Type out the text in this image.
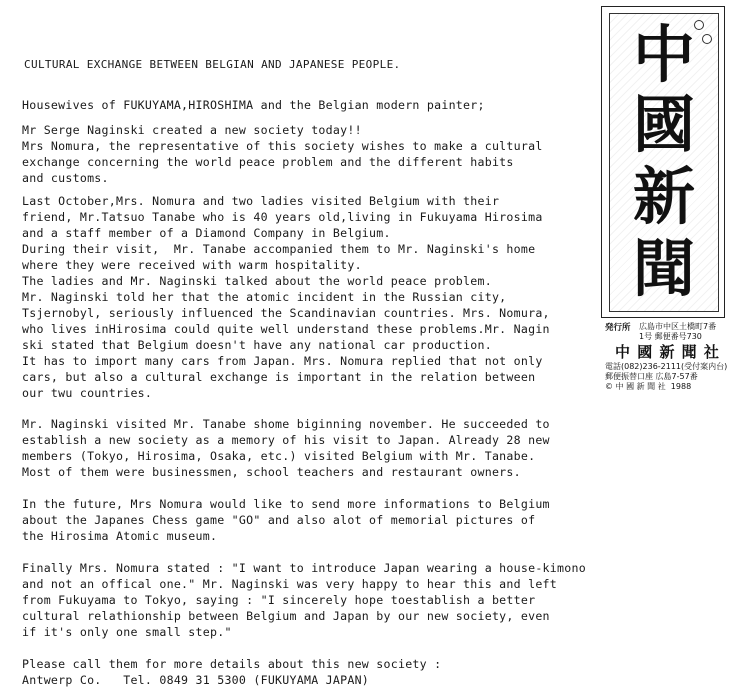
CULTURAL EXCHANGE BETWEEN BELGIAN AND JAPANESE PEOPLE.
Housewives of FUKUYAMA,HIROSHIMA and the Belgian modern painter;
Mr Serge Naginski created a new society today!!
Mrs Nomura, the representative of this society wishes to make a cultural
exchange concerning the world peace problem and the different habits
and customs.
Last October,Mrs. Nomura and two ladies visited Belgium with their
friend, Mr.Tatsuo Tanabe who is 40 years old,living in Fukuyama Hirosima
and a staff member of a Diamond Company in Belgium.
During their visit,  Mr. Tanabe accompanied them to Mr. Naginski's home
where they were received with warm hospitality.
The ladies and Mr. Naginski talked about the world peace problem.
Mr. Naginski told her that the atomic incident in the Russian city,
Tsjernobyl, seriously influenced the Scandinavian countries. Mrs. Nomura,
who lives inHirosima could quite well understand these problems.Mr. Nagin
ski stated that Belgium doesn't have any national car production.
It has to import many cars from Japan. Mrs. Nomura replied that not only
cars, but also a cultural exchange is important in the relation between
our twu countries.
Mr. Naginski visited Mr. Tanabe shome biginning november. He succeeded to
establish a new society as a memory of his visit to Japan. Already 28 new
members (Tokyo, Hirosima, Osaka, etc.) visited Belgium with Mr. Tanabe.
Most of them were businessmen, school teachers and restaurant owners.
In the future, Mrs Nomura would like to send more informations to Belgium
about the Japanes Chess game "GO" and also alot of memorial pictures of
the Hirosima Atomic museum.
Finally Mrs. Nomura stated : "I want to introduce Japan wearing a house-kimono
and not an offical one." Mr. Naginski was very happy to hear this and left
from Fukuyama to Tokyo, saying : "I sincerely hope toestablish a better
cultural relathionship between Belgium and Japan by our new society, even
if it's only one small step."
Please call them for more details about this new society :
Antwerp Co.   Tel. 0849 31 5300 (FUKUYAMA JAPAN)
中
國
新
聞
発行所 広島市中区土橋町7番
1号 郵便番号730
中 國 新 聞 社
電話(082)236-2111(受付案内台)
郵便振替口座 広島7-57番
© 中 國 新 聞 社  1988
